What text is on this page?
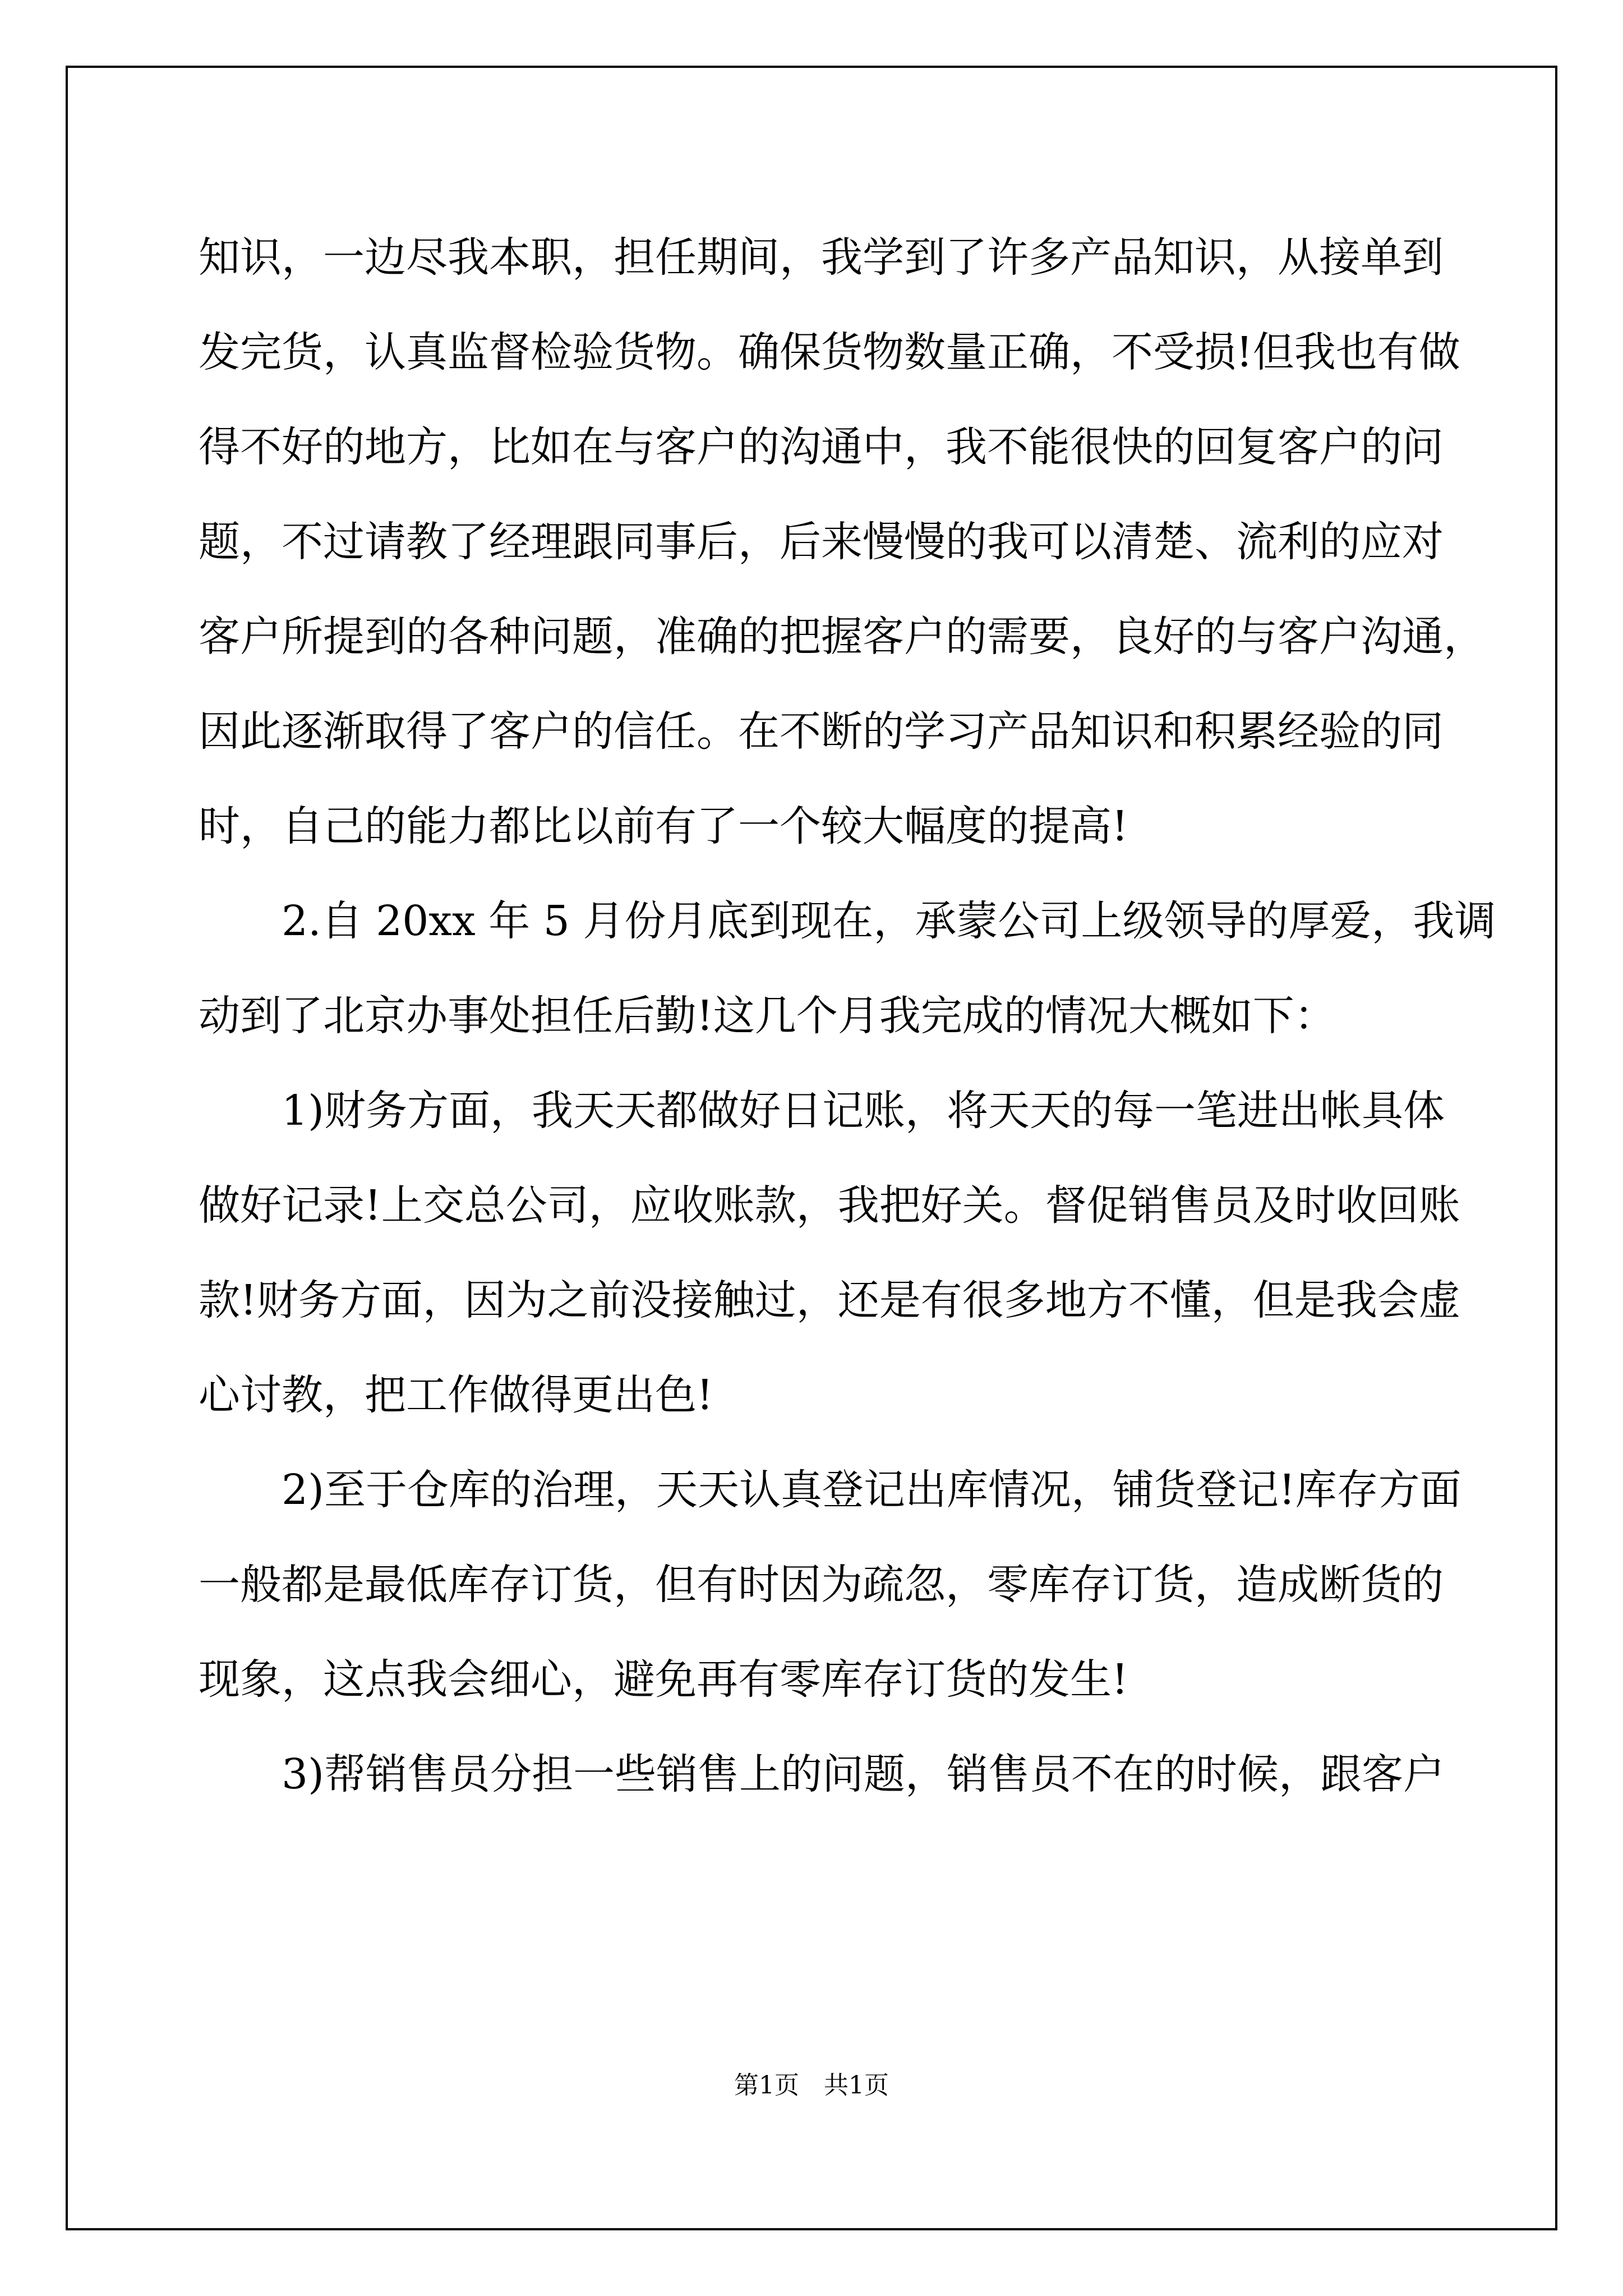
知识，一边尽我本职，担任期间，我学到了许多产品知识，从接单到

发完货，认真监督检验货物。确保货物数量正确，不受损!但我也有做

得不好的地方，比如在与客户的沟通中，我不能很快的回复客户的问

题，不过请教了经理跟同事后，后来慢慢的我可以清楚、流利的应对

客户所提到的各种问题，准确的把握客户的需要，良好的与客户沟通，

因此逐渐取得了客户的信任。在不断的学习产品知识和积累经验的同

时，自己的能力都比以前有了一个较大幅度的提高!

2.自 20xx 年 5 月份月底到现在，承蒙公司上级领导的厚爱，我调

动到了北京办事处担任后勤!这几个月我完成的情况大概如下：

1)财务方面，我天天都做好日记账，将天天的每一笔进出帐具体

做好记录!上交总公司，应收账款，我把好关。督促销售员及时收回账

款!财务方面，因为之前没接触过，还是有很多地方不懂，但是我会虚

心讨教，把工作做得更出色!

2)至于仓库的治理，天天认真登记出库情况，铺货登记!库存方面

一般都是最低库存订货，但有时因为疏忽，零库存订货，造成断货的

现象，这点我会细心，避免再有零库存订货的发生!

3)帮销售员分担一些销售上的问题，销售员不在的时候，跟客户

第1页　共1页
